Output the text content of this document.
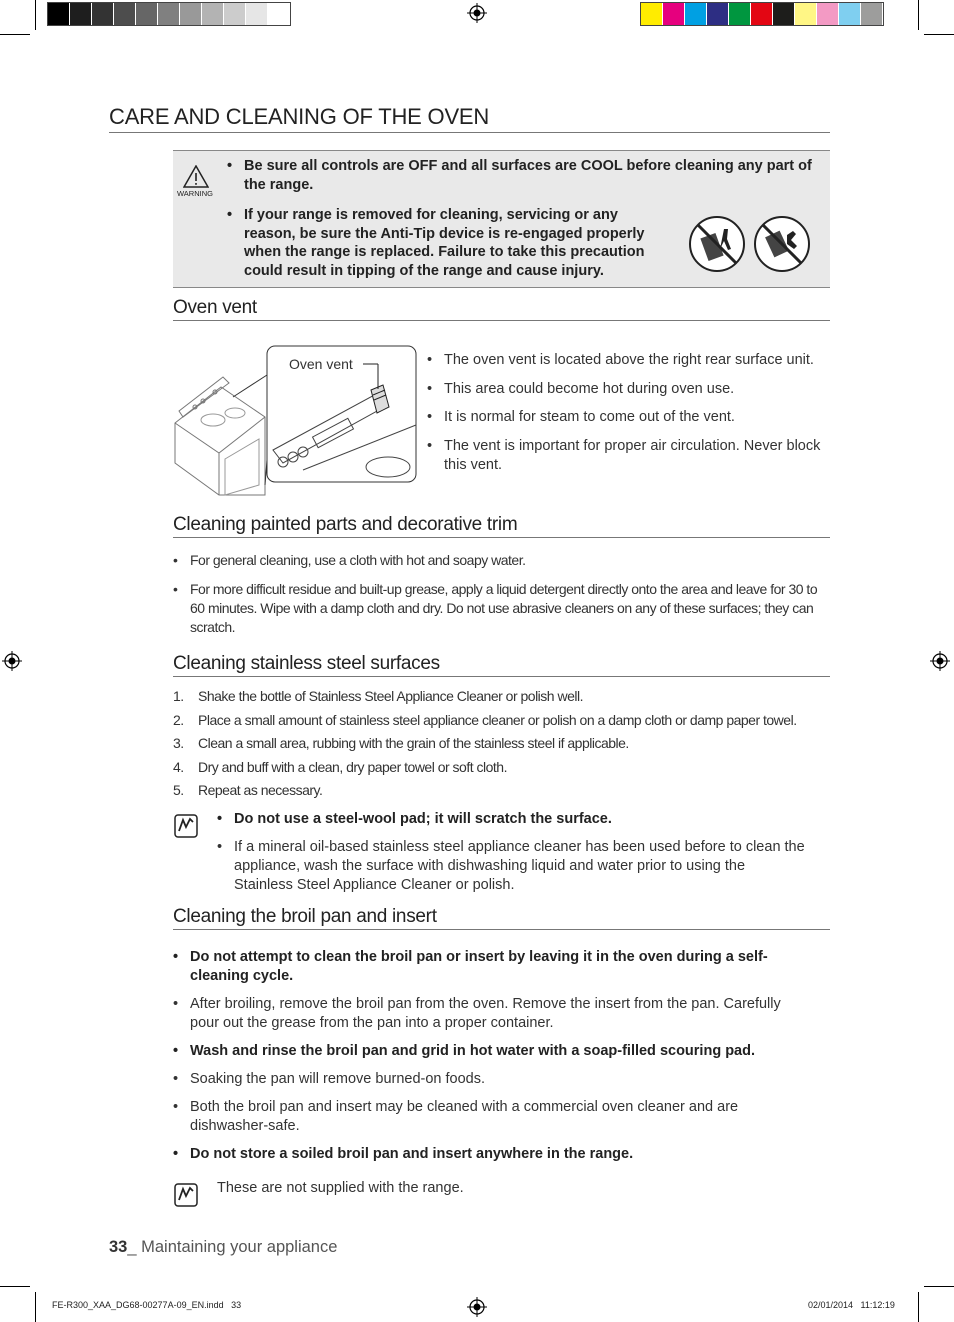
CARE AND CLEANING OF THE OVEN
WARNING
• Be sure all controls are OFF and all surfaces are COOL before cleaning any part of the range.
• If your range is removed for cleaning, servicing or any reason, be sure the Anti-Tip device is re-engaged properly when the range is replaced. Failure to take this precaution could result in tipping of the range and cause injury.
Oven vent
Oven vent
•	The oven vent is located above the right rear surface unit.
• This area could become hot during oven use.
• It is normal for steam to come out of the vent.
• The vent is important for proper air circulation. Never block this vent.
Cleaning painted parts and decorative trim
• For general cleaning, use a cloth with hot and soapy water.
• For more difficult residue and built-up grease, apply a liquid detergent directly onto the area and leave for 30 to 60 minutes. Wipe with a damp cloth and dry. Do not use abrasive cleaners on any of these surfaces; they can scratch.
Cleaning stainless steel surfaces
1. Shake the bottle of Stainless Steel Appliance Cleaner or polish well.
2. Place a small amount of stainless steel appliance cleaner or polish on a damp cloth or damp paper towel.
3. Clean a small area, rubbing with the grain of the stainless steel if applicable.
4. Dry and buff with a clean, dry paper towel or soft cloth.
5. Repeat as necessary.
• Do not use a steel-wool pad; it will scratch the surface.
• If a mineral oil-based stainless steel appliance cleaner has been used before to clean the appliance, wash the surface with dishwashing liquid and water prior to using the Stainless Steel Appliance Cleaner or polish.
Cleaning the broil pan and insert
• Do not attempt to clean the broil pan or insert by leaving it in the oven during a self-cleaning cycle.
• After broiling, remove the broil pan from the oven. Remove the insert from the pan. Carefully pour out the grease from the pan into a proper container.
• Wash and rinse the broil pan and grid in hot water with a soap-filled scouring pad.
• Soaking the pan will remove burned-on foods.
• Both the broil pan and insert may be cleaned with a commercial oven cleaner and are dishwasher-safe.
• Do not store a soiled broil pan and insert anywhere in the range.
These are not supplied with the range.
33_ Maintaining your appliance
FE-R300_XAA_DG68-00277A-09_EN.indd   33	02/01/2014   11:12:19
